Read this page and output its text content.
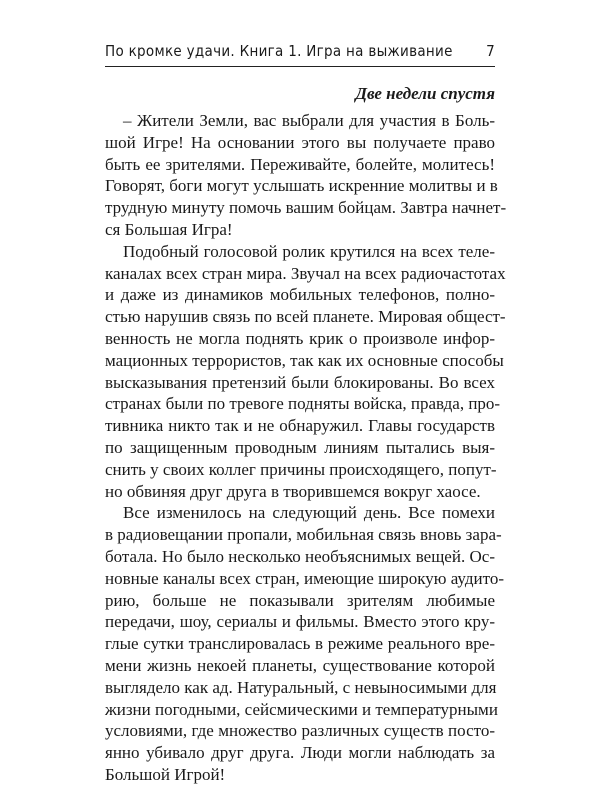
По кромке удачи. Книга 1. Игра на выживание 7
Две недели спустя
– Жители Земли, вас выбрали для участия в Боль-
шой Игре! На основании этого вы получаете право
быть ее зрителями. Переживайте, болейте, молитесь!
Говорят, боги могут услышать искренние молитвы и в
трудную минуту помочь вашим бойцам. Завтра начнет-
ся Большая Игра!
Подобный голосовой ролик крутился на всех теле-
каналах всех стран мира. Звучал на всех радиочастотах
и даже из динамиков мобильных телефонов, полно-
стью нарушив связь по всей планете. Мировая общест-
венность не могла поднять крик о произволе инфор-
мационных террористов, так как их основные способы
высказывания претензий были блокированы. Во всех
странах были по тревоге подняты войска, правда, про-
тивника никто так и не обнаружил. Главы государств
по защищенным проводным линиям пытались выя-
снить у своих коллег причины происходящего, попут-
но обвиняя друг друга в творившемся вокруг хаосе.
Все изменилось на следующий день. Все помехи
в радиовещании пропали, мобильная связь вновь зара-
ботала. Но было несколько необъяснимых вещей. Ос-
новные каналы всех стран, имеющие широкую аудито-
рию, больше не показывали зрителям любимые
передачи, шоу, сериалы и фильмы. Вместо этого кру-
глые сутки транслировалась в режиме реального вре-
мени жизнь некоей планеты, существование которой
выглядело как ад. Натуральный, с невыносимыми для
жизни погодными, сейсмическими и температурными
условиями, где множество различных существ посто-
янно убивало друг друга. Люди могли наблюдать за
Большой Игрой!
